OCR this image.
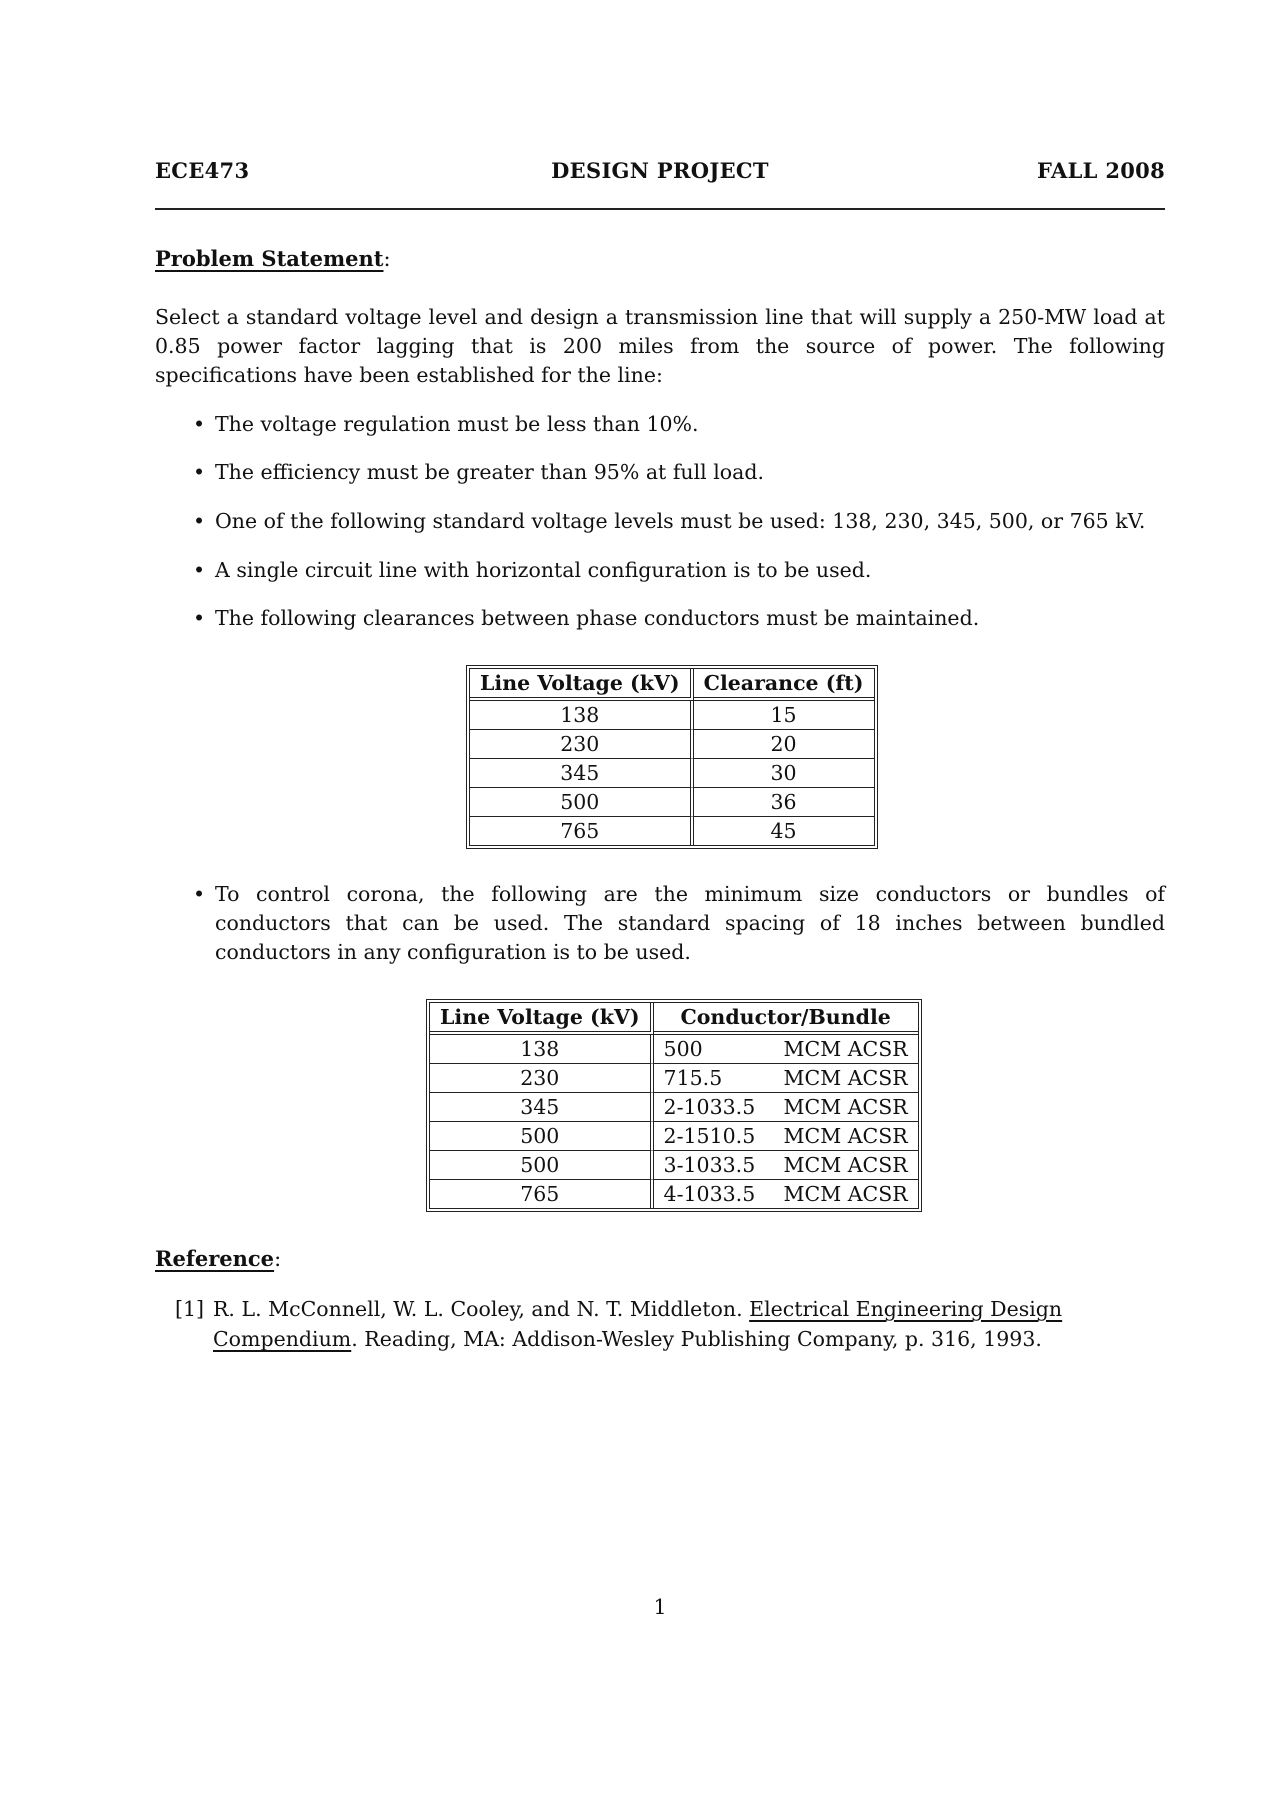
ECE473	DESIGN PROJECT	FALL 2008
Problem Statement:
Select a standard voltage level and design a transmission line that will supply a 250-MW load at 0.85 power factor lagging that is 200 miles from the source of power. The following specifications have been established for the line:
• The voltage regulation must be less than 10%.
• The efficiency must be greater than 95% at full load.
• One of the following standard voltage levels must be used: 138, 230, 345, 500, or 765 kV.
• A single circuit line with horizontal configuration is to be used.
• The following clearances between phase conductors must be maintained.
Line Voltage (kV)	Clearance (ft)
138	15
230	20
345	30
500	36
765	45
• To control corona, the following are the minimum size conductors or bundles of conductors that can be used. The standard spacing of 18 inches between bundled conductors in any configuration is to be used.
Line Voltage (kV)	Conductor/Bundle	
138	500	MCM ACSR
230	715.5	MCM ACSR
345	2-1033.5	MCM ACSR
500	2-1510.5	MCM ACSR
500	3-1033.5	MCM ACSR
765	4-1033.5	MCM ACSR
Reference:
[1] R. L. McConnell, W. L. Cooley, and N. T. Middleton. Electrical Engineering Design Compendium. Reading, MA: Addison-Wesley Publishing Company, p. 316, 1993.
1
